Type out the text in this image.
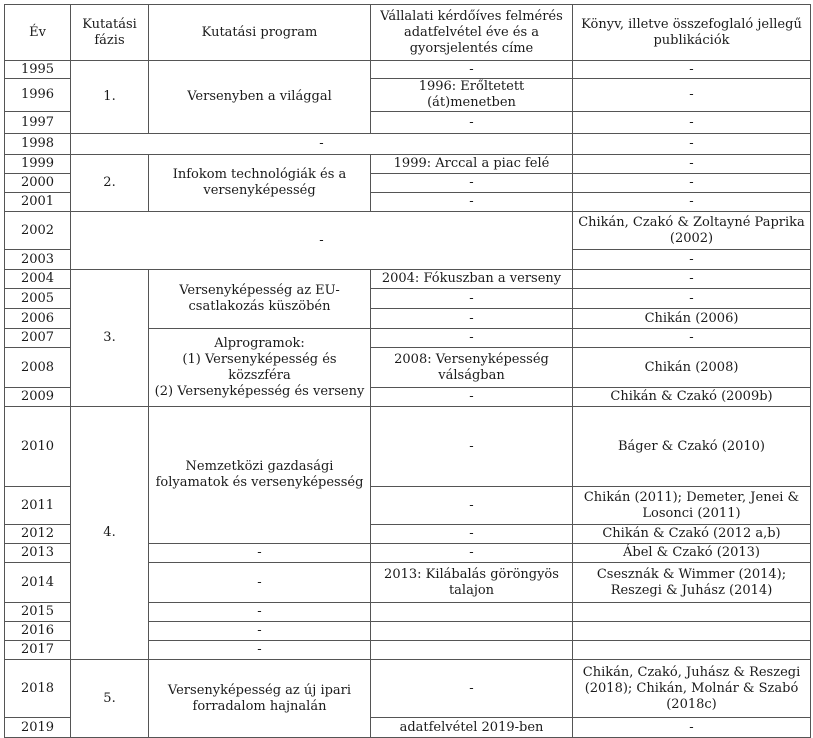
Év	Kutatási
fázis	Kutatási program	Vállalati kérdőíves felmérés
adatfelvétel éve és a
gyorsjelentés címe	Könyv, illetve összefoglaló jellegű
publikációk
1995	1.	Versenyben a világgal	-	-
1996			1996: Erőltetett (át)menetben	-
1997			-	-
1998	-			-
1999	2.	Infokom technológiák és a
versenyképesség	1999: Arccal a piac felé	-
2000			-	-
2001			-	-
2002	-			Chikán, Czakó & Zoltayné Paprika
(2002)
2003				-
2004	3.	Versenyképesség az EU-
csatlakozás küszöbén	2004: Fókuszban a verseny	-
2005			-	-
2006			-	Chikán (2006)
2007		Alprogramok:
(1) Versenyképesség és
közszféra
(2) Versenyképesség és verseny	-	-
2008			2008: Versenyképesség
válságban	Chikán (2008)
2009			-	Chikán & Czakó (2009b)
2010	4.	Nemzetközi gazdasági
folyamatok és versenyképesség	-	Báger & Czakó (2010)
2011			-	Chikán (2011); Demeter, Jenei &
Losonci (2011)
2012			-	Chikán & Czakó (2012 a,b)
2013		-	-	Ábel & Czakó (2013)
2014		-	2013: Kilábalás göröngyös
talajon	Csesznák & Wimmer (2014);
Reszegi & Juhász (2014)
2015		-		
2016		-		
2017		-		
2018	5.	Versenyképesség az új ipari
forradalom hajnalán	-	Chikán, Czakó, Juhász & Reszegi
(2018); Chikán, Molnár & Szabó
(2018c)
2019			adatfelvétel 2019-ben	-
